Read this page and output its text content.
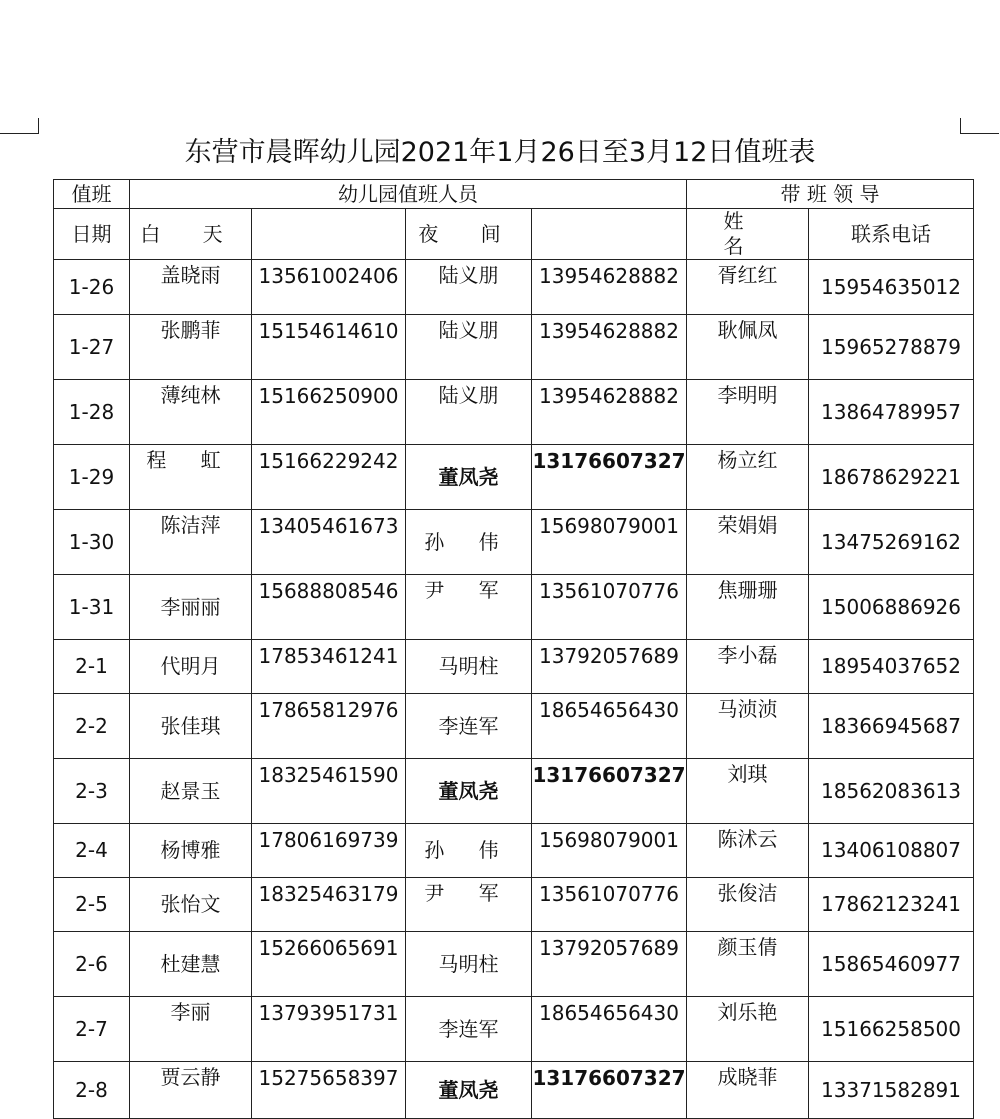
东营市晨晖幼儿园2021年1月26日至3月12日值班表
值班	幼儿园值班人员				带 班 领 导	
日期	白 天		夜 间		姓 名	联系电话
1-26	盖晓雨	13561002406	陆义朋	13954628882	胥红红	15954635012
1-27	张鹏菲	15154614610	陆义朋	13954628882	耿佩凤	15965278879
1-28	薄纯林	15166250900	陆义朋	13954628882	李明明	13864789957
1-29	程 虹	15166229242	董凤尧	13176607327	杨立红	18678629221
1-30	陈洁萍	13405461673	孙 伟	15698079001	荣娟娟	13475269162
1-31	李丽丽	15688808546	尹 军	13561070776	焦珊珊	15006886926
2-1	代明月	17853461241	马明柱	13792057689	李小磊	18954037652
2-2	张佳琪	17865812976	李连军	18654656430	马浈浈	18366945687
2-3	赵景玉	18325461590	董凤尧	13176607327	刘琪	18562083613
2-4	杨博雅	17806169739	孙 伟	15698079001	陈沭云	13406108807
2-5	张怡文	18325463179	尹 军	13561070776	张俊洁	17862123241
2-6	杜建慧	15266065691	马明柱	13792057689	颜玉倩	15865460977
2-7	李丽	13793951731	李连军	18654656430	刘乐艳	15166258500
2-8	贾云静	15275658397	董凤尧	13176607327	成晓菲	13371582891
